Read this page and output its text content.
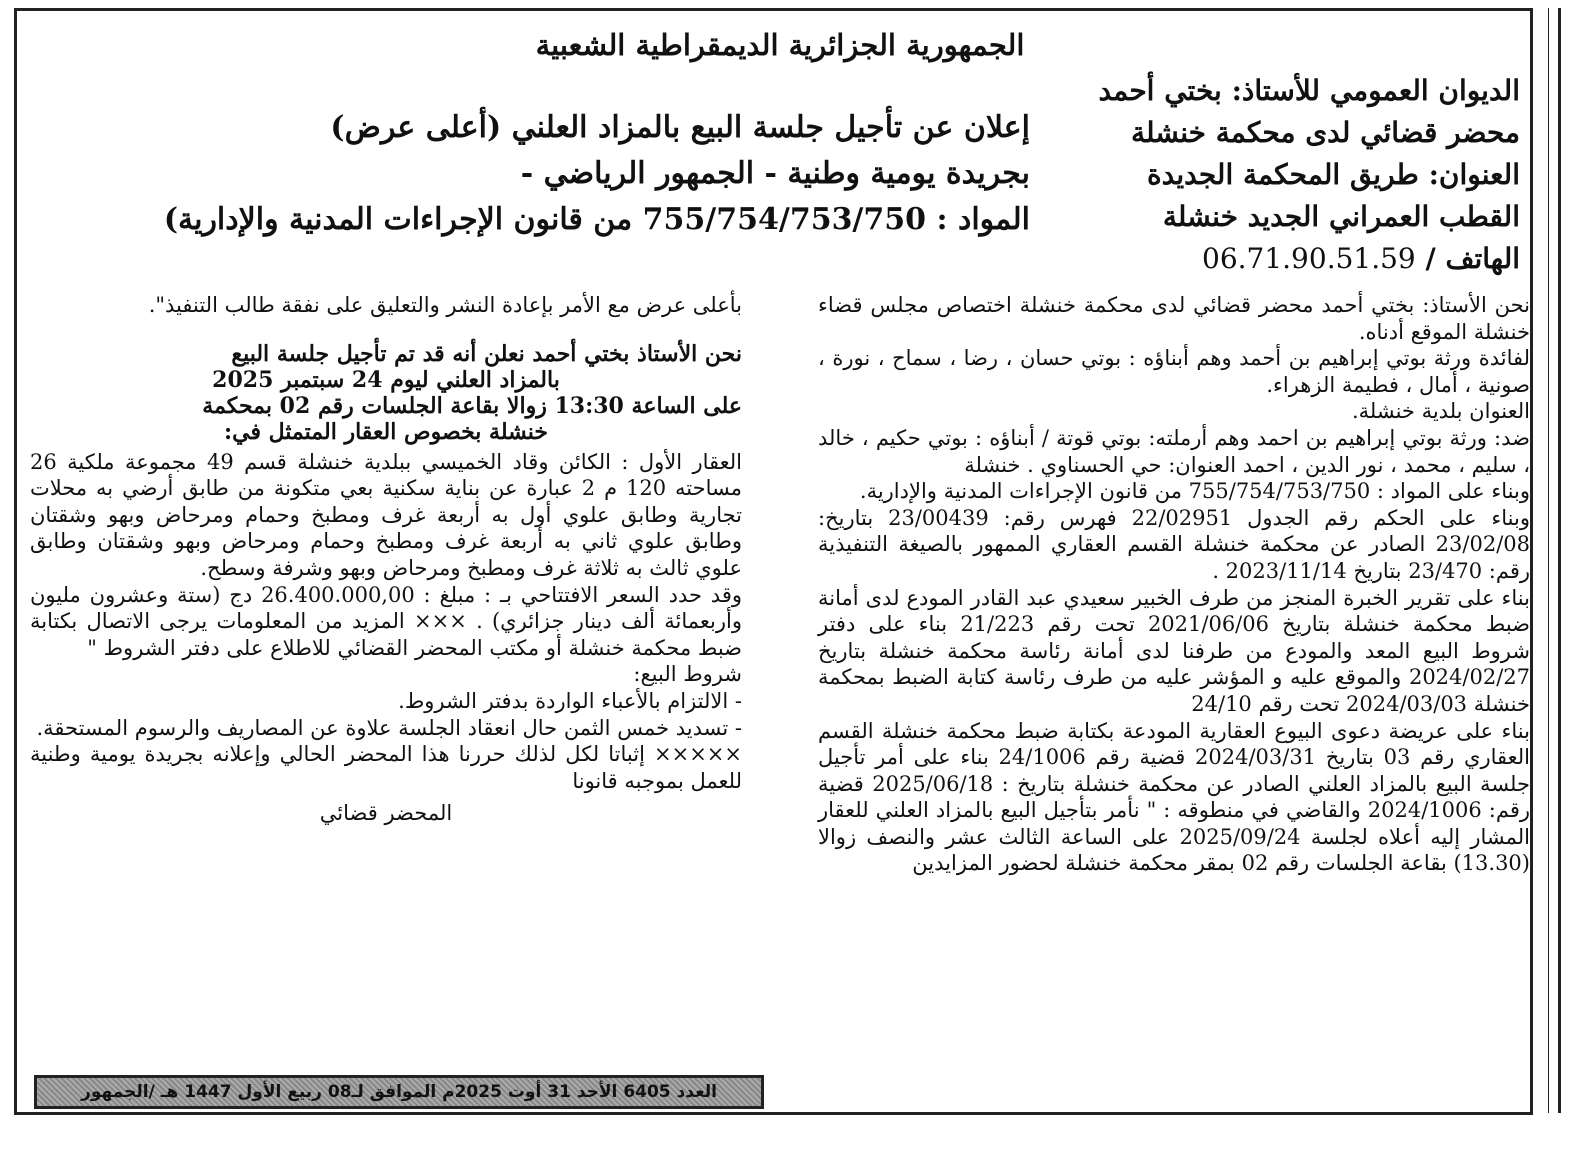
الجمهورية الجزائرية الديمقراطية الشعبية
الديوان العمومي للأستاذ: بختي أحمد
محضر قضائي لدى محكمة خنشلة
العنوان: طريق المحكمة الجديدة
القطب العمراني الجديد خنشلة
الهاتف / 06.71.90.51.59
إعلان عن تأجيل جلسة البيع بالمزاد العلني (أعلى عرض)
بجريدة يومية وطنية - الجمهور الرياضي -
المواد : 755/754/753/750 من قانون الإجراءات المدنية والإدارية)

نحن الأستاذ: بختي أحمد محضر قضائي لدى محكمة خنشلة اختصاص مجلس قضاء خنشلة الموقع أدناه.

لفائدة ورثة بوتي إبراهيم بن أحمد وهم أبناؤه : بوتي حسان ، رضا ، سماح ، نورة ، صونية ، أمال ، فطيمة الزهراء.

العنوان بلدية خنشلة.

ضد: ورثة بوتي إبراهيم بن احمد وهم أرملته: بوتي قوتة / أبناؤه : بوتي حكيم ، خالد ، سليم ، محمد ، نور الدين ، احمد العنوان: حي الحسناوي . خنشلة

وبناء على المواد : 755/754/753/750 من قانون الإجراءات المدنية والإدارية.

وبناء على الحكم رقم الجدول 22/02951 فهرس رقم: 23/00439 بتاريخ: 23/02/08 الصادر عن محكمة خنشلة القسم العقاري الممهور بالصيغة التنفيذية رقم: 23/470 بتاريخ 2023/11/14 .

بناء على تقرير الخبرة المنجز من طرف الخبير سعيدي عبد القادر المودع لدى أمانة ضبط محكمة خنشلة بتاريخ 2021/06/06 تحت رقم 21/223 بناء على دفتر شروط البيع المعد والمودع من طرفنا لدى أمانة رئاسة محكمة خنشلة بتاريخ 2024/02/27 والموقع عليه و المؤشر عليه من طرف رئاسة كتابة الضبط بمحكمة خنشلة 2024/03/03 تحت رقم 24/10

بناء على عريضة دعوى البيوع العقارية المودعة بكتابة ضبط محكمة خنشلة القسم العقاري رقم 03 بتاريخ 2024/03/31 قضية رقم 24/1006 بناء على أمر تأجيل جلسة البيع بالمزاد العلني الصادر عن محكمة خنشلة بتاريخ : 2025/06/18 قضية رقم: 2024/1006 والقاضي في منطوقه : " نأمر بتأجيل البيع بالمزاد العلني للعقار المشار إليه أعلاه لجلسة 2025/09/24 على الساعة الثالث عشر والنصف زوالا (13.30) بقاعة الجلسات رقم 02 بمقر محكمة خنشلة لحضور المزايدين

بأعلى عرض مع الأمر بإعادة النشر والتعليق على نفقة طالب التنفيذ".

نحن الأستاذ بختي أحمد نعلن أنه قد تم تأجيل جلسة البيع
بالمزاد العلني ليوم 24 سبتمبر 2025
على الساعة 13:30 زوالا بقاعة الجلسات رقم 02 بمحكمة
خنشلة بخصوص العقار المتمثل في:

العقار الأول : الكائن وقاد الخميسي ببلدية خنشلة قسم 49 مجموعة ملكية 26 مساحته 120 م 2 عبارة عن بناية سكنية بعي متكونة من طابق أرضي به محلات تجارية وطابق علوي أول به أربعة غرف ومطبخ وحمام ومرحاض وبهو وشقتان وطابق علوي ثاني به أربعة غرف ومطبخ وحمام ومرحاض وبهو وشقتان وطابق علوي ثالث به ثلاثة غرف ومطبخ ومرحاض وبهو وشرفة وسطح.

وقد حدد السعر الافتتاحي بـ : مبلغ : 26.400.000,00 دج (ستة وعشرون مليون وأربعمائة ألف دينار جزائري) . ××× المزيد من المعلومات يرجى الاتصال بكتابة ضبط محكمة خنشلة أو مكتب المحضر القضائي للاطلاع على دفتر الشروط "

شروط البيع:

- الالتزام بالأعباء الواردة بدفتر الشروط.

- تسديد خمس الثمن حال انعقاد الجلسة علاوة عن المصاريف والرسوم المستحقة.

××××× إثباتا لكل لذلك حررنا هذا المحضر الحالي وإعلانه بجريدة يومية وطنية للعمل بموجبه قانونا

المحضر قضائي

العدد 6405 الأحد 31 أوت 2025م الموافق لـ08 ربيع الأول 1447 هـ /الجمهور
